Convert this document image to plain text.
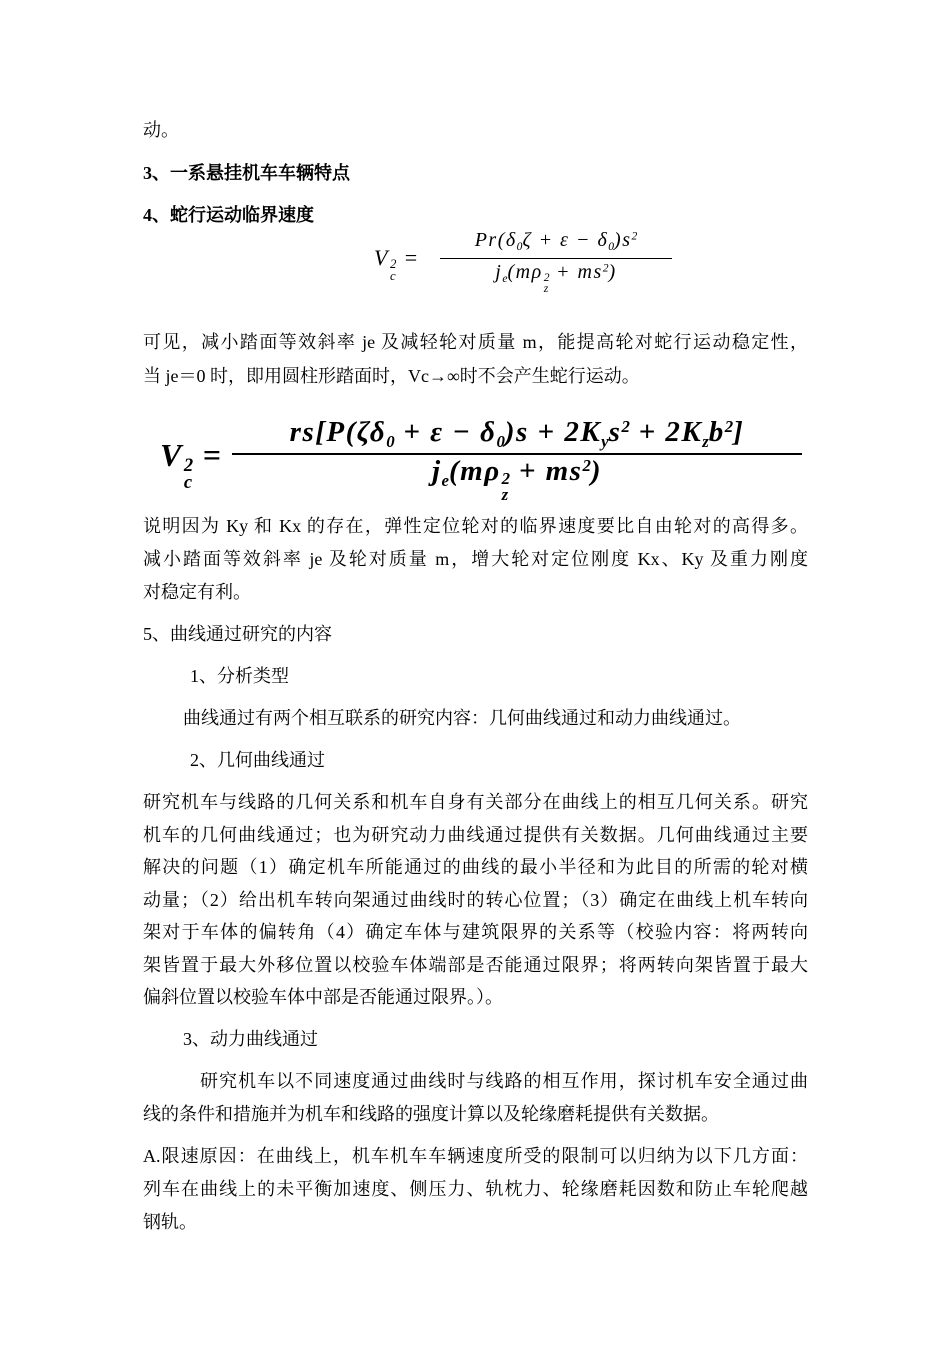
动。
3、一系悬挂机车车辆特点
4、蛇行运动临界速度
V 2
c
=
$Pr(\delta_0\zeta + \varepsilon - \delta_0)s^2$
$j_e(m\rho$ 2
z
+ $ms^2$)
可见，减小踏面等效斜率 je 及减轻轮对质量 m，能提高轮对蛇行运动稳定性，
当 je＝0 时，即用圆柱形踏面时，Vc→∞时不会产生蛇行运动。
V 2
c
=
$rs[P(\zeta\delta_0 + \varepsilon - \delta_0)s + 2K_ys^2 + 2K_zb^2]$
$j_e(m\rho$ 2
z
+ $ms^2$)
说明因为 Ky 和 Kx 的存在，弹性定位轮对的临界速度要比自由轮对的高得多。
减小踏面等效斜率 je 及轮对质量 m，增大轮对定位刚度 Kx、Ky 及重力刚度
对稳定有利。
5、曲线通过研究的内容
1、分析类型
曲线通过有两个相互联系的研究内容：几何曲线通过和动力曲线通过。
2、几何曲线通过
研究机车与线路的几何关系和机车自身有关部分在曲线上的相互几何关系。研究
机车的几何曲线通过；也为研究动力曲线通过提供有关数据。几何曲线通过主要
解决的问题（1）确定机车所能通过的曲线的最小半径和为此目的所需的轮对横
动量；（2）给出机车转向架通过曲线时的转心位置；（3）确定在曲线上机车转向
架对于车体的偏转角（4）确定车体与建筑限界的关系等（校验内容：将两转向
架皆置于最大外移位置以校验车体端部是否能通过限界；将两转向架皆置于最大
偏斜位置以校验车体中部是否能通过限界。）。
3、动力曲线通过
研究机车以不同速度通过曲线时与线路的相互作用，探讨机车安全通过曲
线的条件和措施并为机车和线路的强度计算以及轮缘磨耗提供有关数据。
A.限速原因：在曲线上，机车机车车辆速度所受的限制可以归纳为以下几方面：
列车在曲线上的未平衡加速度、侧压力、轨枕力、轮缘磨耗因数和防止车轮爬越
钢轨。
